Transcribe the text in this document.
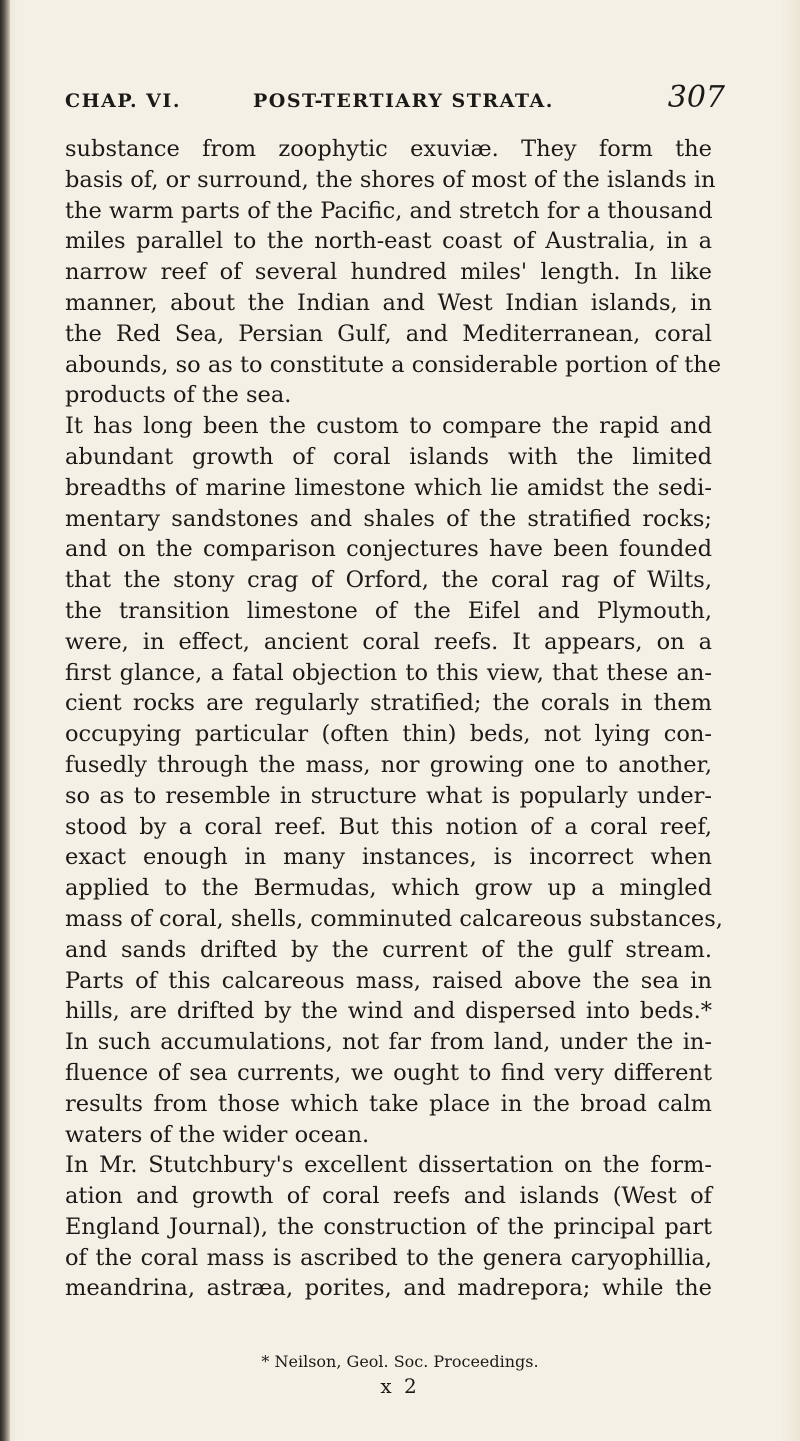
CHAP. VI.	POST-TERTIARY STRATA.	307
substance from zoophytic exuviæ. They form the
basis of, or surround, the shores of most of the islands in
the warm parts of the Pacific, and stretch for a thousand
miles parallel to the north-east coast of Australia, in a
narrow reef of several hundred miles' length. In like
manner, about the Indian and West Indian islands, in
the Red Sea, Persian Gulf, and Mediterranean, coral
abounds, so as to constitute a considerable portion of the
products of the sea.
It has long been the custom to compare the rapid and
abundant growth of coral islands with the limited
breadths of marine limestone which lie amidst the sedi-
mentary sandstones and shales of the stratified rocks;
and on the comparison conjectures have been founded
that the stony crag of Orford, the coral rag of Wilts,
the transition limestone of the Eifel and Plymouth,
were, in effect, ancient coral reefs. It appears, on a
first glance, a fatal objection to this view, that these an-
cient rocks are regularly stratified; the corals in them
occupying particular (often thin) beds, not lying con-
fusedly through the mass, nor growing one to another,
so as to resemble in structure what is popularly under-
stood by a coral reef. But this notion of a coral reef,
exact enough in many instances, is incorrect when
applied to the Bermudas, which grow up a mingled
mass of coral, shells, comminuted calcareous substances,
and sands drifted by the current of the gulf stream.
Parts of this calcareous mass, raised above the sea in
hills, are drifted by the wind and dispersed into beds.*
In such accumulations, not far from land, under the in-
fluence of sea currents, we ought to find very different
results from those which take place in the broad calm
waters of the wider ocean.
In Mr. Stutchbury's excellent dissertation on the form-
ation and growth of coral reefs and islands (West of
England Journal), the construction of the principal part
of the coral mass is ascribed to the genera caryophillia,
meandrina, astræa, porites, and madrepora; while the
* Neilson, Geol. Soc. Proceedings.
x 2
